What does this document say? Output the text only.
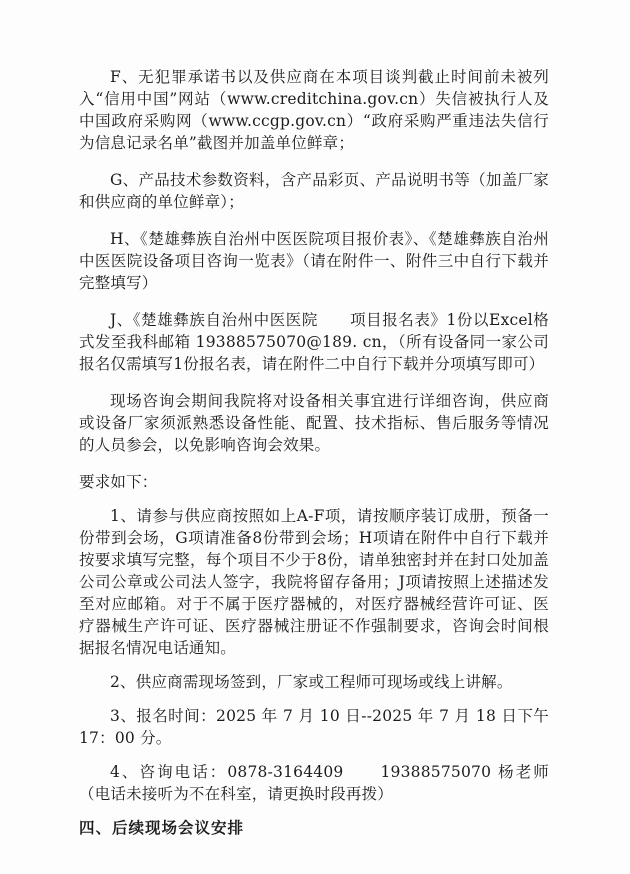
F、无犯罪承诺书以及供应商在本项目谈判截止时间前未被列入“信用中国”网站（www.creditchina.gov.cn）失信被执行人及中国政府采购网（www.ccgp.gov.cn）“政府采购严重违法失信行为信息记录名单”截图并加盖单位鲜章；

G、产品技术参数资料，含产品彩页、产品说明书等（加盖厂家和供应商的单位鲜章）；

H、《楚雄彝族自治州中医医院项目报价表》、《楚雄彝族自治州中医医院设备项目咨询一览表》（请在附件一、附件三中自行下载并完整填写）

J、《楚雄彝族自治州中医医院　　项目报名表》1份以Excel格式发至我科邮箱 19388575070@189. cn，（所有设备同一家公司报名仅需填写1份报名表，请在附件二中自行下载并分项填写即可）

现场咨询会期间我院将对设备相关事宜进行详细咨询，供应商或设备厂家须派熟悉设备性能、配置、技术指标、售后服务等情况的人员参会，以免影响咨询会效果。

要求如下：

1、请参与供应商按照如上A-F项，请按顺序装订成册，预备一份带到会场，G项请准备8份带到会场；H项请在附件中自行下载并按要求填写完整，每个项目不少于8份，请单独密封并在封口处加盖公司公章或公司法人签字，我院将留存备用；J项请按照上述描述发至对应邮箱。对于不属于医疗器械的，对医疗器械经营许可证、医疗器械生产许可证、医疗器械注册证不作强制要求，咨询会时间根据报名情况电话通知。

2、供应商需现场签到，厂家或工程师可现场或线上讲解。

3、报名时间：2025 年 7 月 10 日--2025 年 7 月 18 日下午17：00 分。

4、咨询电话：0878-3164409　　19388575070 杨老师（电话未接听为不在科室，请更换时段再拨）

四、后续现场会议安排
